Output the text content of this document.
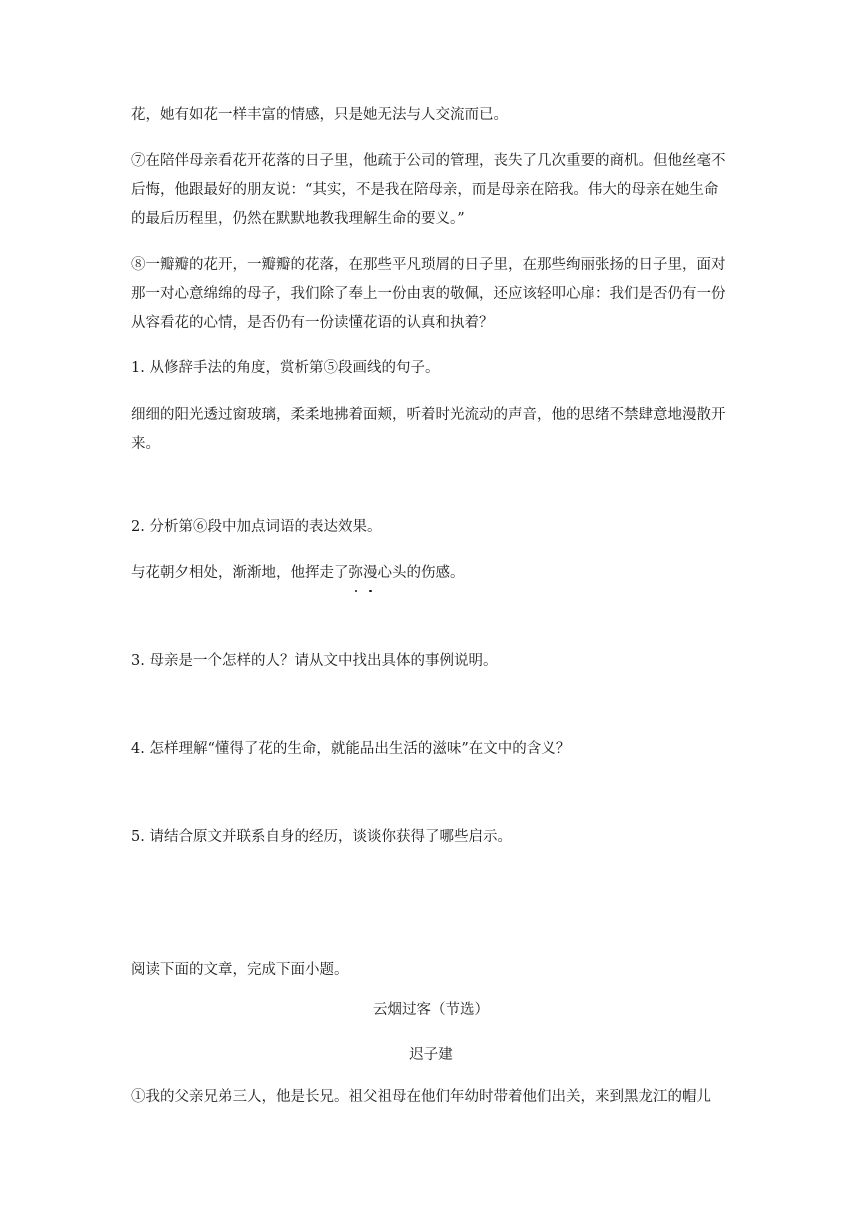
花，她有如花一样丰富的情感，只是她无法与人交流而已。

⑦在陪伴母亲看花开花落的日子里，他疏于公司的管理，丧失了几次重要的商机。但他丝毫不后悔，他跟最好的朋友说：“其实，不是我在陪母亲，而是母亲在陪我。伟大的母亲在她生命的最后历程里，仍然在默默地教我理解生命的要义。”

⑧一瓣瓣的花开，一瓣瓣的花落，在那些平凡琐屑的日子里，在那些绚丽张扬的日子里，面对那一对心意绵绵的母子，我们除了奉上一份由衷的敬佩，还应该轻叩心扉：我们是否仍有一份从容看花的心情，是否仍有一份读懂花语的认真和执着？

1. 从修辞手法的角度，赏析第⑤段画线的句子。

细细的阳光透过窗玻璃，柔柔地拂着面颊，听着时光流动的声音，他的思绪不禁肆意地漫散开来。

2. 分析第⑥段中加点词语的表达效果。

与花朝夕相处，渐渐地，他挥走了弥漫心头的伤感。

3. 母亲是一个怎样的人？请从文中找出具体的事例说明。

4. 怎样理解“懂得了花的生命，就能品出生活的滋味”在文中的含义？

5. 请结合原文并联系自身的经历，谈谈你获得了哪些启示。

阅读下面的文章，完成下面小题。

云烟过客（节选）

迟子建

①我的父亲兄弟三人，他是长兄。祖父祖母在他们年幼时带着他们出关，来到黑龙江的帽儿
